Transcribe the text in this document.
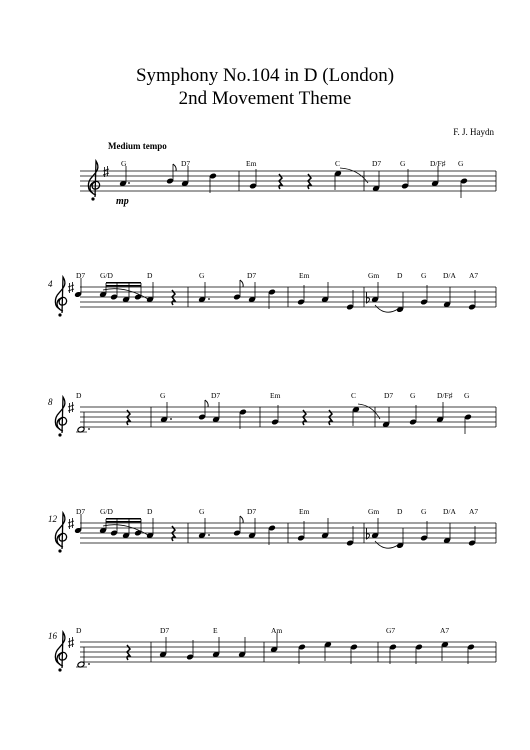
Symphony No.104 in D (London)
2nd Movement Theme
F. J. Haydn
Medium tempo
mp
G	D7	Em	C	D7	G	D/F♯ G
4
D7 G/D	D	G	D7	Em	Gm D G D/A A7
8
D	G	D7	Em	C	D7 G	D/F♯ G
12
D7 G/D	D	G	D7	Em	Gm D G D/A A7
16
D	D7	E	Am	G7	A7
